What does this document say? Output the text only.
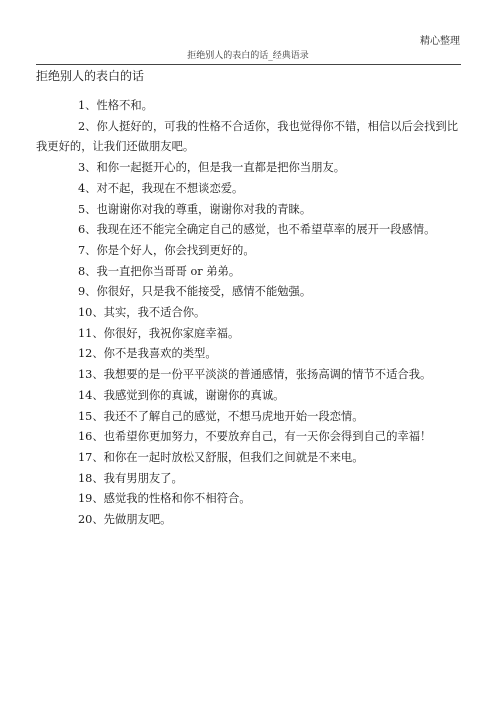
精心整理
拒绝别人的表白的话_经典语录
拒绝别人的表白的话
1、性格不和。
2、你人挺好的，可我的性格不合适你，我也觉得你不错，相信以后会找到比我更好的，让我们还做朋友吧。
3、和你一起挺开心的，但是我一直都是把你当朋友。
4、对不起，我现在不想谈恋爱。
5、也谢谢你对我的尊重，谢谢你对我的青睐。
6、我现在还不能完全确定自己的感觉，也不希望草率的展开一段感情。
7、你是个好人，你会找到更好的。
8、我一直把你当哥哥 or 弟弟。
9、你很好，只是我不能接受，感情不能勉强。
10、其实，我不适合你。
11、你很好，我祝你家庭幸福。
12、你不是我喜欢的类型。
13、我想要的是一份平平淡淡的普通感情，张扬高调的情节不适合我。
14、我感觉到你的真诚，谢谢你的真诚。
15、我还不了解自己的感觉，不想马虎地开始一段恋情。
16、也希望你更加努力，不要放弃自己，有一天你会得到自己的幸福！
17、和你在一起时放松又舒服，但我们之间就是不来电。
18、我有男朋友了。
19、感觉我的性格和你不相符合。
20、先做朋友吧。
